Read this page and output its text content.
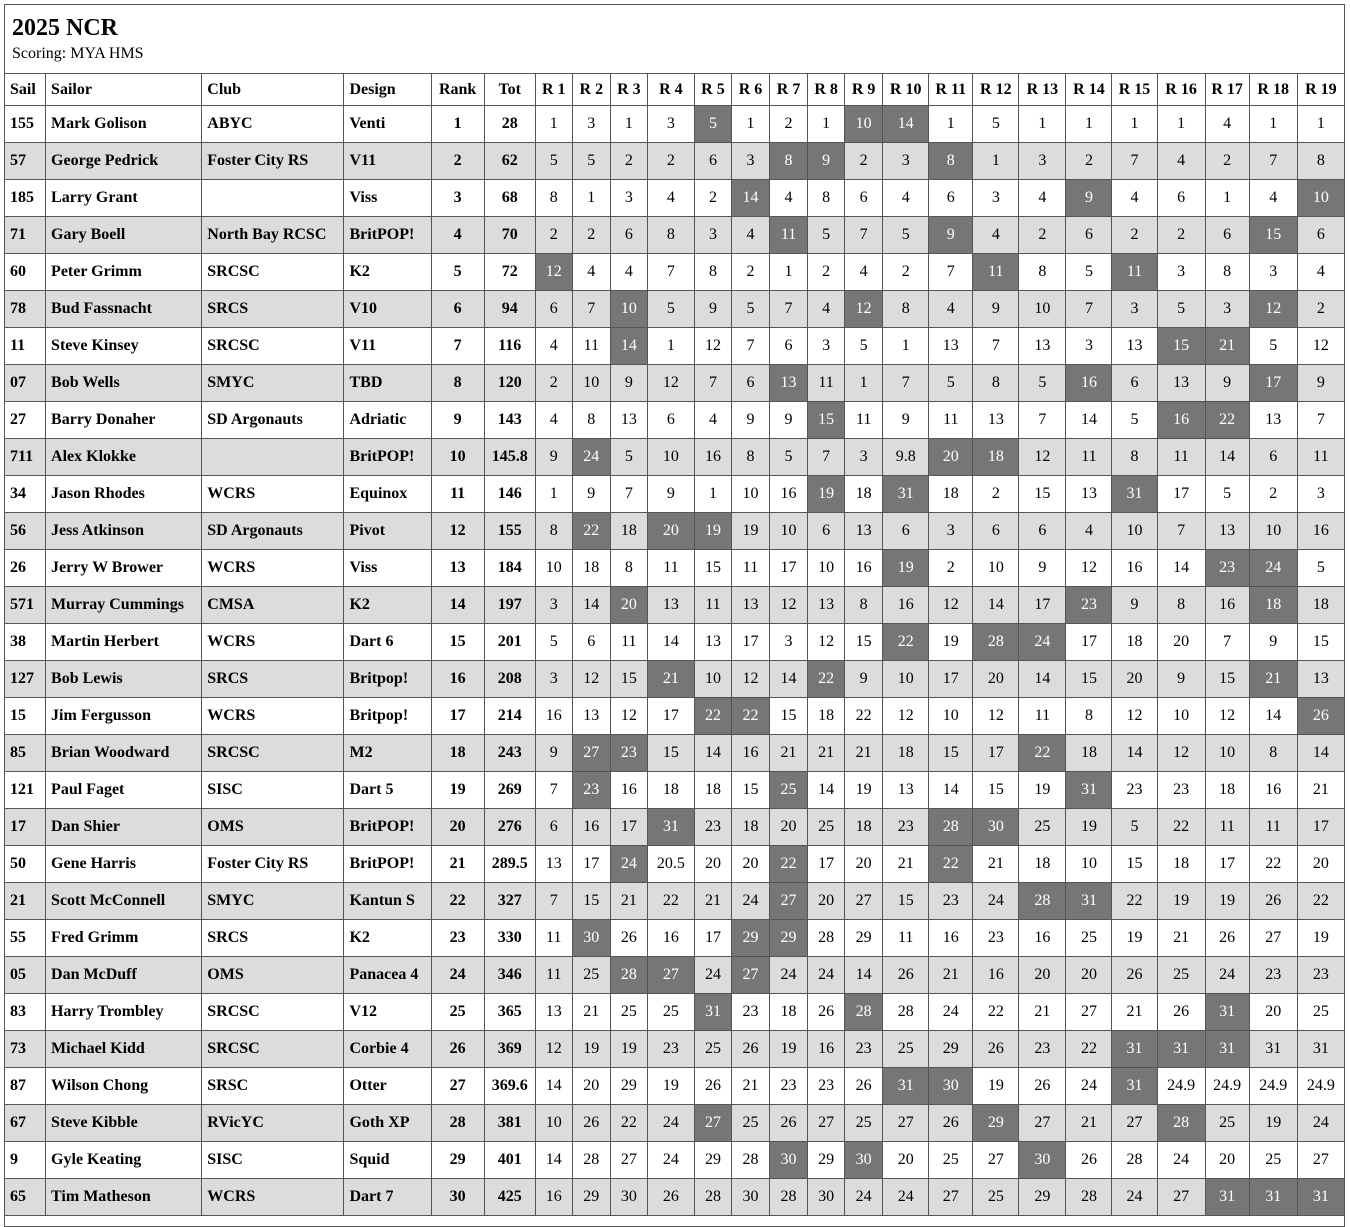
2025 NCR
Scoring: MYA HMS
Sail	Sailor	Club	Design	Rank	Tot	R 1	R 2	R 3	R 4	R 5	R 6	R 7	R 8	R 9	R 10	R 11	R 12	R 13	R 14	R 15	R 16	R 17	R 18	R 19
155	Mark Golison	ABYC	Venti	1	28	1	3	1	3	5	1	2	1	10	14	1	5	1	1	1	1	4	1	1
57	George Pedrick	Foster City RS	V11	2	62	5	5	2	2	6	3	8	9	2	3	8	1	3	2	7	4	2	7	8
185	Larry Grant		Viss	3	68	8	1	3	4	2	14	4	8	6	4	6	3	4	9	4	6	1	4	10
71	Gary Boell	North Bay RCSC	BritPOP!	4	70	2	2	6	8	3	4	11	5	7	5	9	4	2	6	2	2	6	15	6
60	Peter Grimm	SRCSC	K2	5	72	12	4	4	7	8	2	1	2	4	2	7	11	8	5	11	3	8	3	4
78	Bud Fassnacht	SRCS	V10	6	94	6	7	10	5	9	5	7	4	12	8	4	9	10	7	3	5	3	12	2
11	Steve Kinsey	SRCSC	V11	7	116	4	11	14	1	12	7	6	3	5	1	13	7	13	3	13	15	21	5	12
07	Bob Wells	SMYC	TBD	8	120	2	10	9	12	7	6	13	11	1	7	5	8	5	16	6	13	9	17	9
27	Barry Donaher	SD Argonauts	Adriatic	9	143	4	8	13	6	4	9	9	15	11	9	11	13	7	14	5	16	22	13	7
711	Alex Klokke		BritPOP!	10	145.8	9	24	5	10	16	8	5	7	3	9.8	20	18	12	11	8	11	14	6	11
34	Jason Rhodes	WCRS	Equinox	11	146	1	9	7	9	1	10	16	19	18	31	18	2	15	13	31	17	5	2	3
56	Jess Atkinson	SD Argonauts	Pivot	12	155	8	22	18	20	19	19	10	6	13	6	3	6	6	4	10	7	13	10	16
26	Jerry W Brower	WCRS	Viss	13	184	10	18	8	11	15	11	17	10	16	19	2	10	9	12	16	14	23	24	5
571	Murray Cummings	CMSA	K2	14	197	3	14	20	13	11	13	12	13	8	16	12	14	17	23	9	8	16	18	18
38	Martin Herbert	WCRS	Dart 6	15	201	5	6	11	14	13	17	3	12	15	22	19	28	24	17	18	20	7	9	15
127	Bob Lewis	SRCS	Britpop!	16	208	3	12	15	21	10	12	14	22	9	10	17	20	14	15	20	9	15	21	13
15	Jim Fergusson	WCRS	Britpop!	17	214	16	13	12	17	22	22	15	18	22	12	10	12	11	8	12	10	12	14	26
85	Brian Woodward	SRCSC	M2	18	243	9	27	23	15	14	16	21	21	21	18	15	17	22	18	14	12	10	8	14
121	Paul Faget	SISC	Dart 5	19	269	7	23	16	18	18	15	25	14	19	13	14	15	19	31	23	23	18	16	21
17	Dan Shier	OMS	BritPOP!	20	276	6	16	17	31	23	18	20	25	18	23	28	30	25	19	5	22	11	11	17
50	Gene Harris	Foster City RS	BritPOP!	21	289.5	13	17	24	20.5	20	20	22	17	20	21	22	21	18	10	15	18	17	22	20
21	Scott McConnell	SMYC	Kantun S	22	327	7	15	21	22	21	24	27	20	27	15	23	24	28	31	22	19	19	26	22
55	Fred Grimm	SRCS	K2	23	330	11	30	26	16	17	29	29	28	29	11	16	23	16	25	19	21	26	27	19
05	Dan McDuff	OMS	Panacea 4	24	346	11	25	28	27	24	27	24	24	14	26	21	16	20	20	26	25	24	23	23
83	Harry Trombley	SRCSC	V12	25	365	13	21	25	25	31	23	18	26	28	28	24	22	21	27	21	26	31	20	25
73	Michael Kidd	SRCSC	Corbie 4	26	369	12	19	19	23	25	26	19	16	23	25	29	26	23	22	31	31	31	31	31
87	Wilson Chong	SRSC	Otter	27	369.6	14	20	29	19	26	21	23	23	26	31	30	19	26	24	31	24.9	24.9	24.9	24.9
67	Steve Kibble	RVicYC	Goth XP	28	381	10	26	22	24	27	25	26	27	25	27	26	29	27	21	27	28	25	19	24
9	Gyle Keating	SISC	Squid	29	401	14	28	27	24	29	28	30	29	30	20	25	27	30	26	28	24	20	25	27
65	Tim Matheson	WCRS	Dart 7	30	425	16	29	30	26	28	30	28	30	24	24	27	25	29	28	24	27	31	31	31
